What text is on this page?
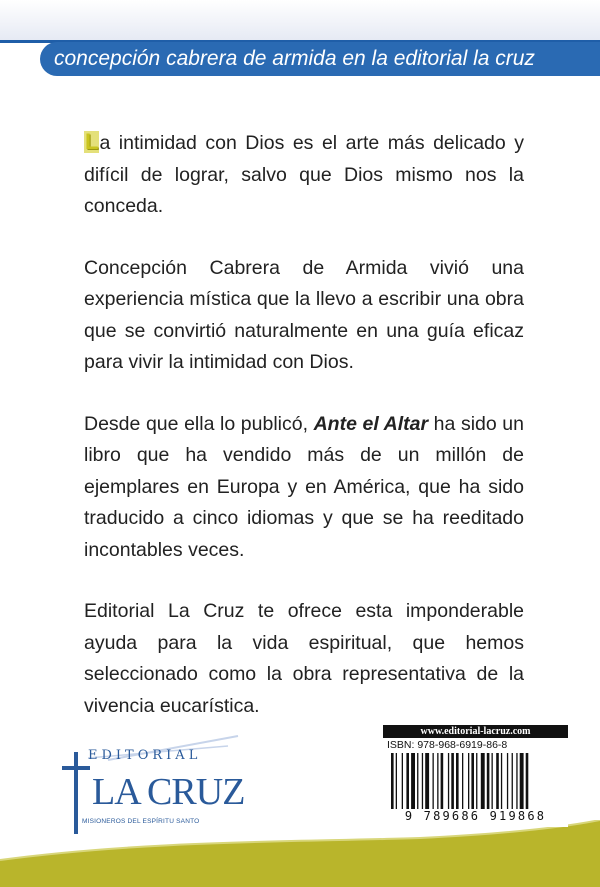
concepción cabrera de armida en la editorial la cruz

La intimidad con Dios es el arte más delicado y difícil de lograr, salvo que Dios mismo nos la conceda.

Concepción Cabrera de Armida vivió una experiencia mística que la llevo a escribir una obra que se convirtió naturalmente en una guía eficaz para vivir la intimidad con Dios.

Desde que ella lo publicó, Ante el Altar ha sido un libro que ha vendido más de un millón de ejemplares en Europa y en América, que ha sido traducido a cinco idiomas y que se ha reeditado incontables veces.

Editorial La Cruz te ofrece esta imponderable ayuda para la vida espiritual, que hemos seleccionado como la obra representativa de la vivencia eucarística.

EDITORIAL
LA CRUZ
MISIONEROS DEL ESPÍRITU SANTO
www.editorial-lacruz.com
ISBN: 978-968-6919-86-8
9 789686 919868
